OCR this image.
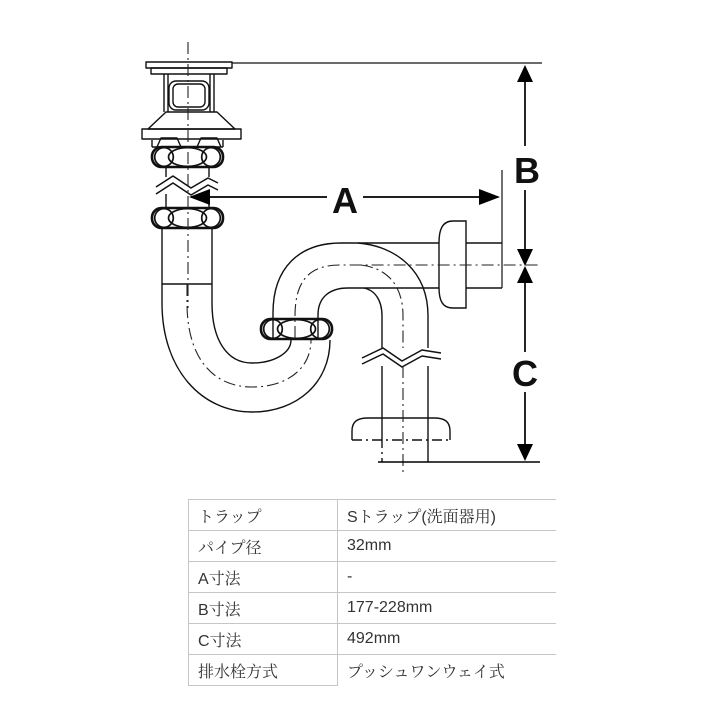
A
B
C
トラップ	Sトラップ(洗面器用)
パイプ径	32mm
A寸法	-
B寸法	177-228mm
C寸法	492mm
排水栓方式	プッシュワンウェイ式
